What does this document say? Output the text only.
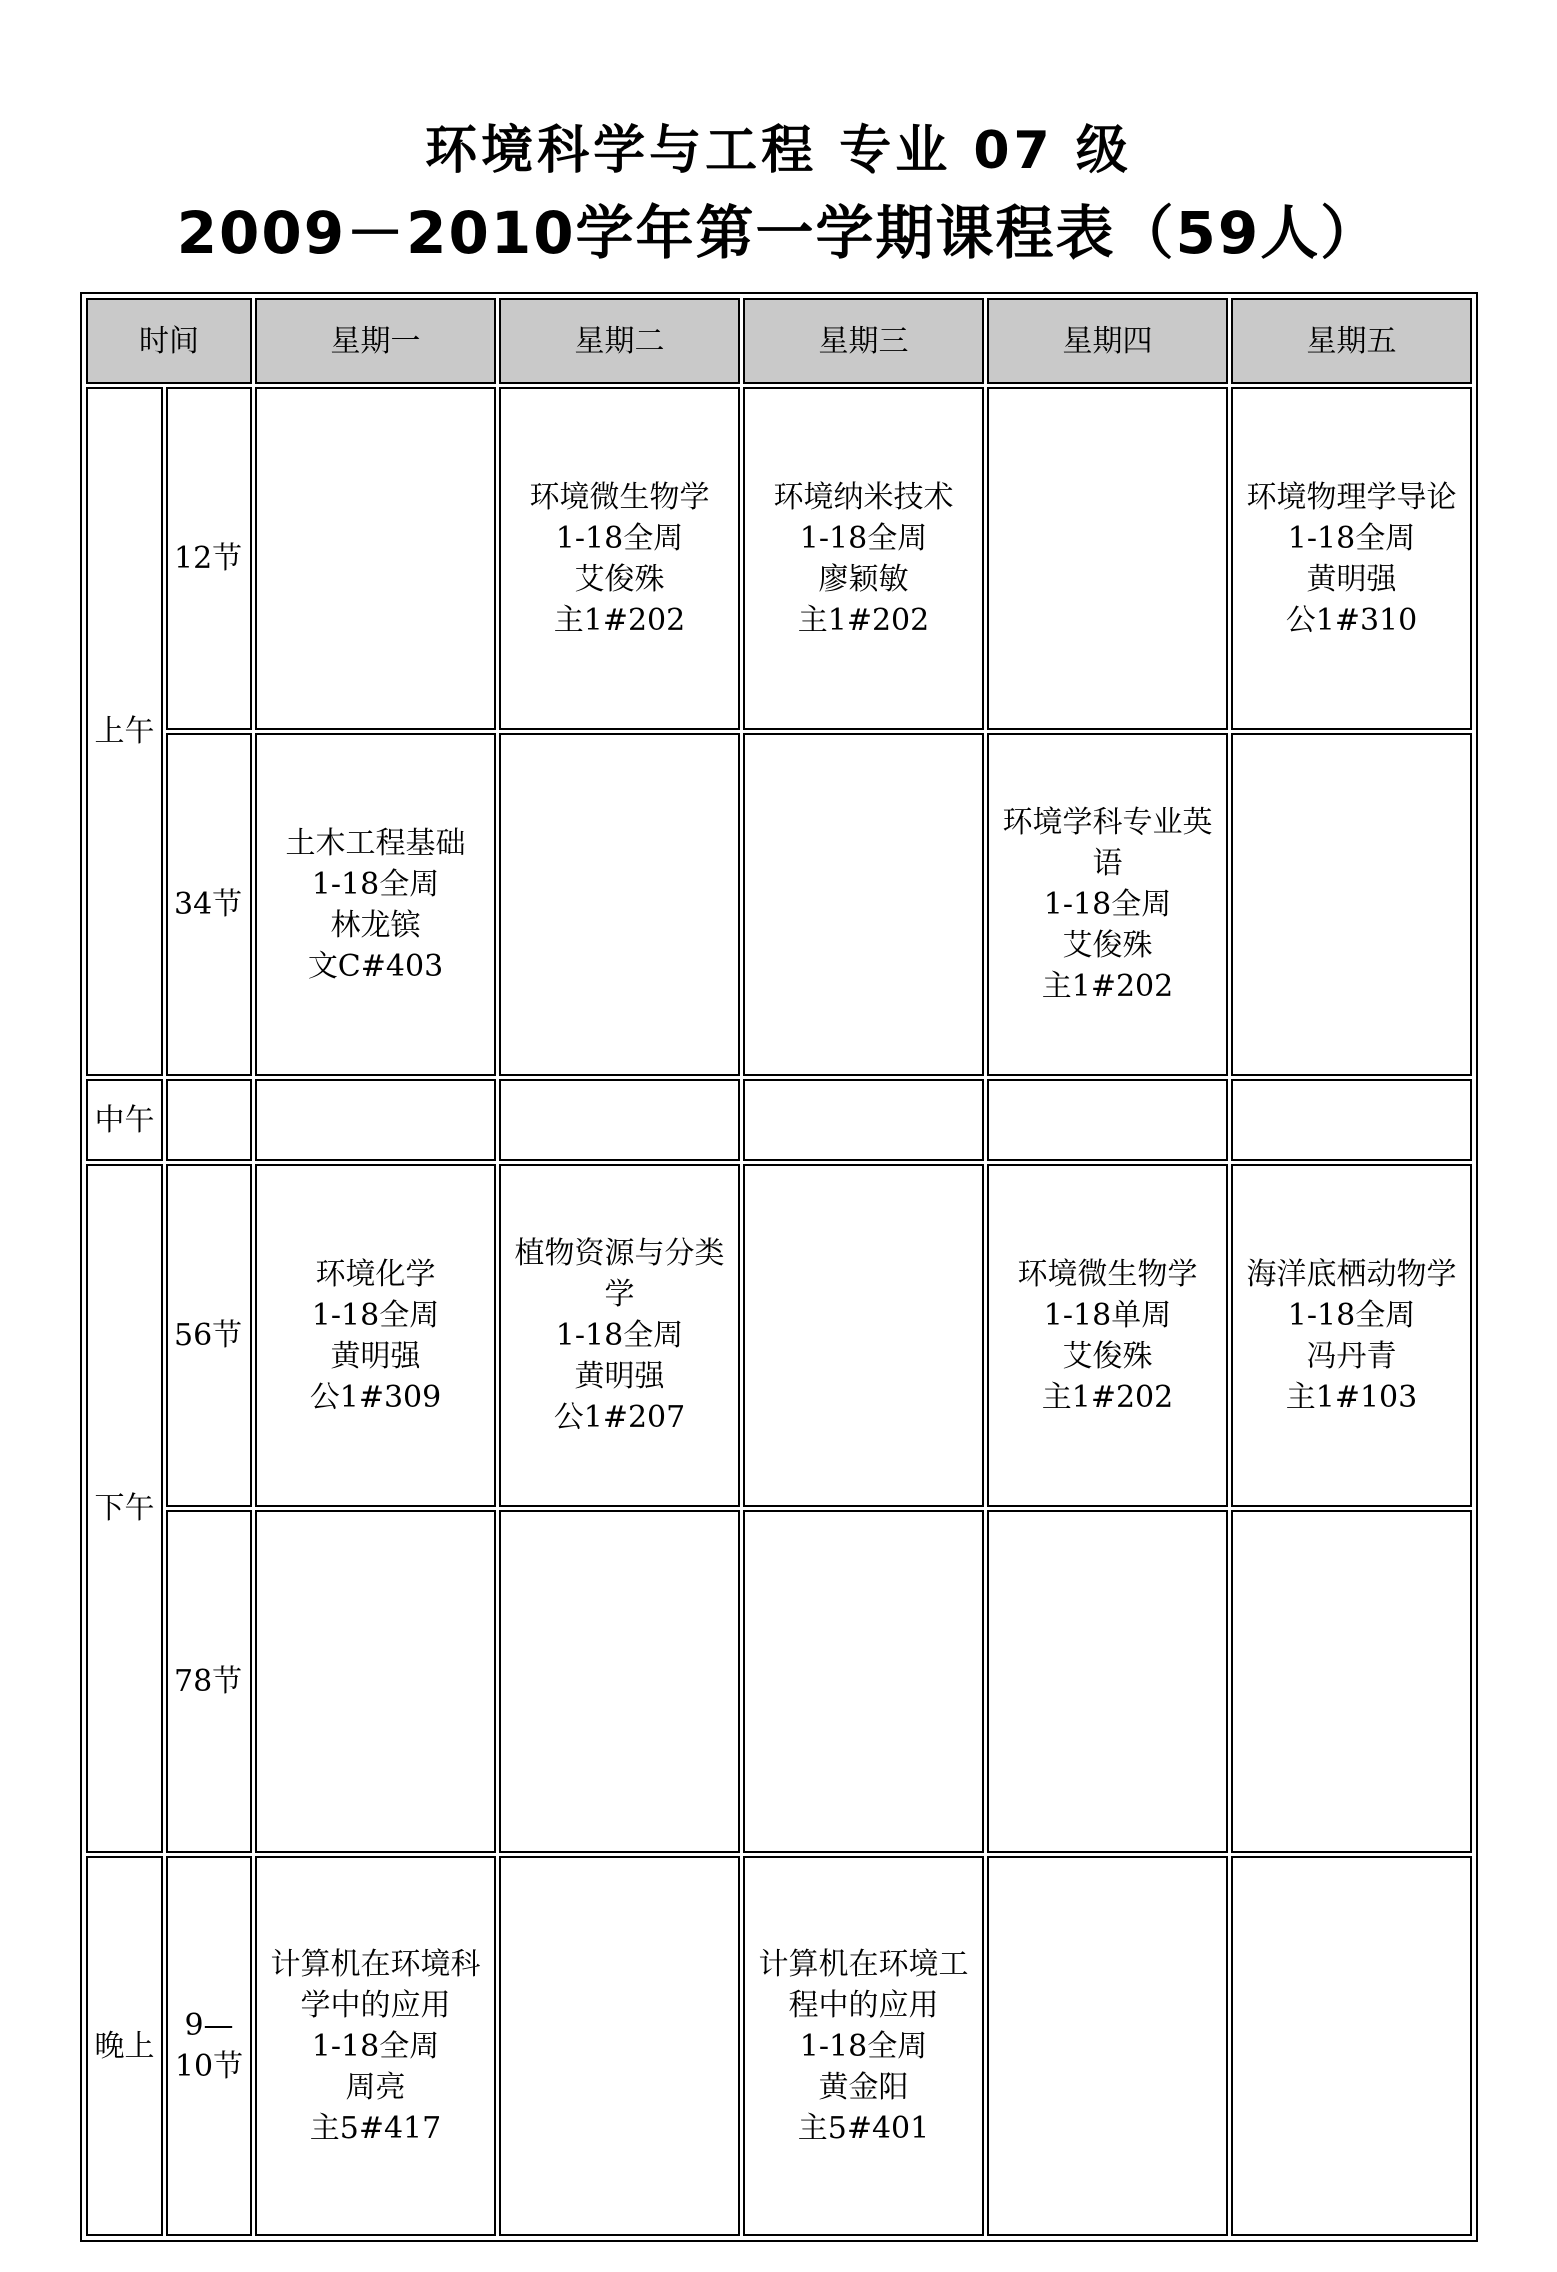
环境科学与工程 专业 07 级
2009－2010学年第一学期课程表（59人）
时间		星期一	星期二	星期三	星期四	星期五
上午	12节		环境微生物学
1-18全周
艾俊殊
主1#202	环境纳米技术
1-18全周
廖颖敏
主1#202		环境物理学导论
1-18全周
黄明强
公1#310

	34节	土木工程基础
1-18全周
林龙镔
文C#403			环境学科专业英
语
1-18全周
艾俊殊
主1#202	

中午						
下午	56节	环境化学
1-18全周
黄明强
公1#309	植物资源与分类
学
1-18全周
黄明强
公1#207		环境微生物学
1-18单周
艾俊殊
主1#202	海洋底栖动物学
1-18全周
冯丹青
主1#103

	78节					
晚上	9—
10节	计算机在环境科
学中的应用
1-18全周
周亮
主5#417		计算机在环境工
程中的应用
1-18全周
黄金阳
主5#401		
